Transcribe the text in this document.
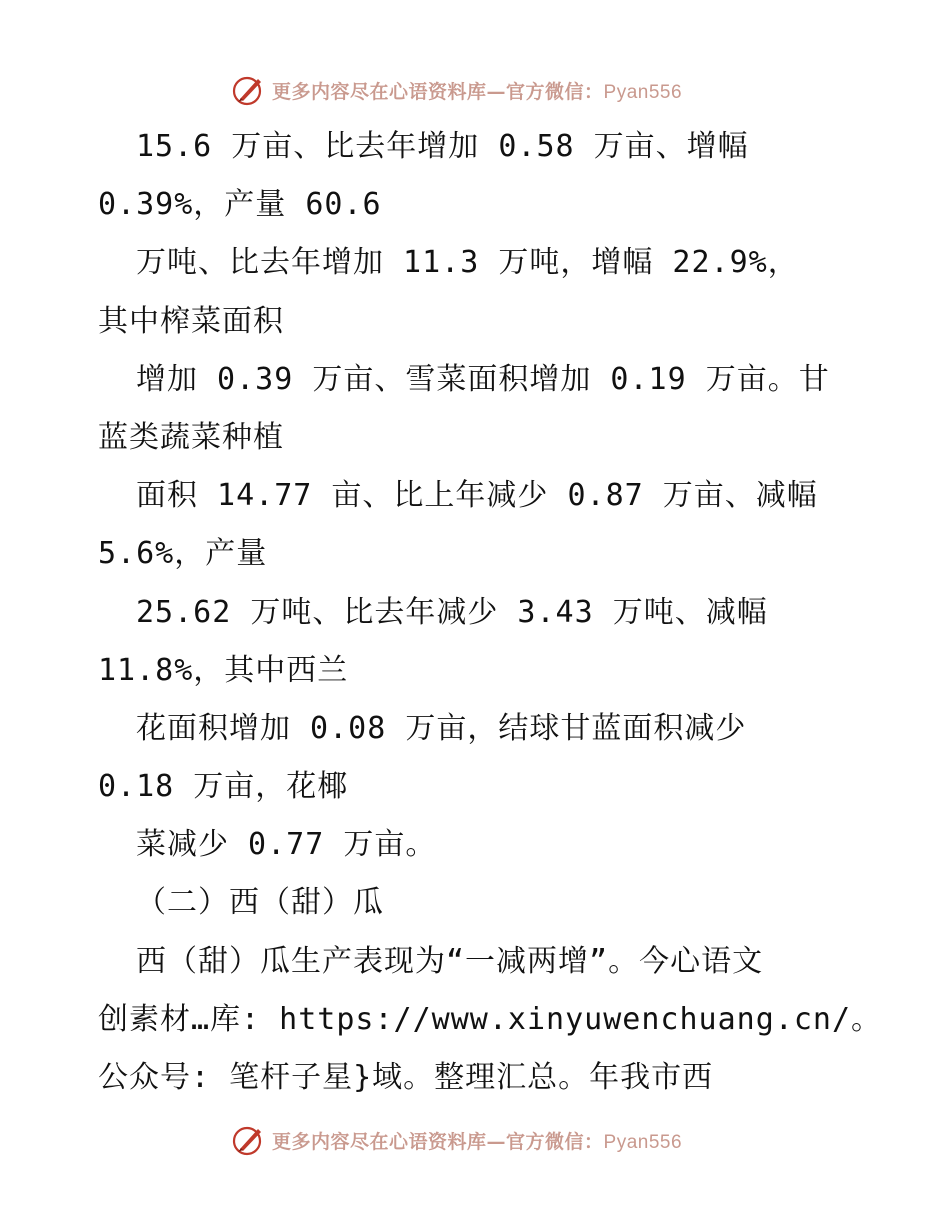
更多内容尽在心语资料库—官方微信：Pyan556
15.6 万亩、比去年增加 0.58 万亩、增幅
0.39%，产量 60.6
万吨、比去年增加 11.3 万吨，增幅 22.9%，
其中榨菜面积
增加 0.39 万亩、雪菜面积增加 0.19 万亩。甘
蓝类蔬菜种植
面积 14.77 亩、比上年减少 0.87 万亩、减幅
5.6%，产量
25.62 万吨、比去年减少 3.43 万吨、减幅
11.8%，其中西兰
花面积增加 0.08 万亩，结球甘蓝面积减少
0.18 万亩，花椰
菜减少 0.77 万亩。
（二）西（甜）瓜
西（甜）瓜生产表现为“一减两增”。今心语文
创素材…库: https://www.xinyuwenchuang.cn/。
公众号: 笔杆子星}域。整理汇总。年我市西
更多内容尽在心语资料库—官方微信：Pyan556
